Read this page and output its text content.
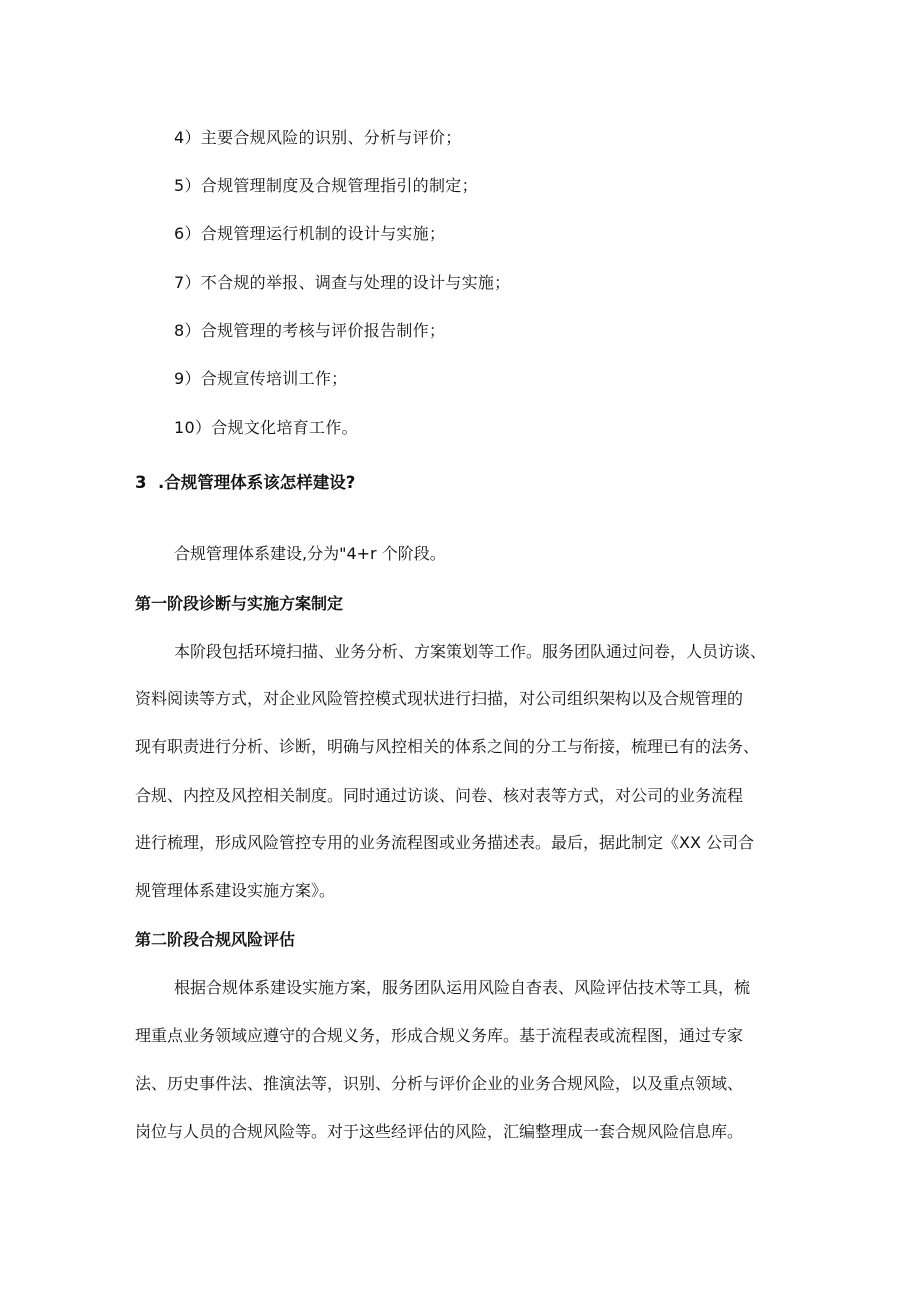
4）主要合规风险的识别、分析与评价；
5）合规管理制度及合规管理指引的制定；
6）合规管理运行机制的设计与实施；
7）不合规的举报、调查与处理的设计与实施；
8）合规管理的考核与评价报告制作；
9）合规宣传培训工作；
10）合规文化培育工作。
3  .合规管理体系该怎样建设?
合规管理体系建设,分为"4+r 个阶段。
第一阶段诊断与实施方案制定
本阶段包括环境扫描、业务分析、方案策划等工作。服务团队通过问卷，人员访谈、
资料阅读等方式，对企业风险管控模式现状进行扫描，对公司组织架构以及合规管理的
现有职责进行分析、诊断，明确与风控相关的体系之间的分工与衔接，梳理已有的法务、
合规、内控及风控相关制度。同时通过访谈、问卷、核对表等方式，对公司的业务流程
进行梳理，形成风险管控专用的业务流程图或业务描述表。最后，据此制定《XX 公司合
规管理体系建设实施方案》。
第二阶段合规风险评估
根据合规体系建设实施方案，服务团队运用风险自杳表、风险评估技术等工具，梳
理重点业务领域应遵守的合规义务，形成合规义务库。基于流程表或流程图，通过专家
法、历史事件法、推演法等，识别、分析与评价企业的业务合规风险，以及重点领域、
岗位与人员的合规风险等。对于这些经评估的风险，汇编整理成一套合规风险信息库。
